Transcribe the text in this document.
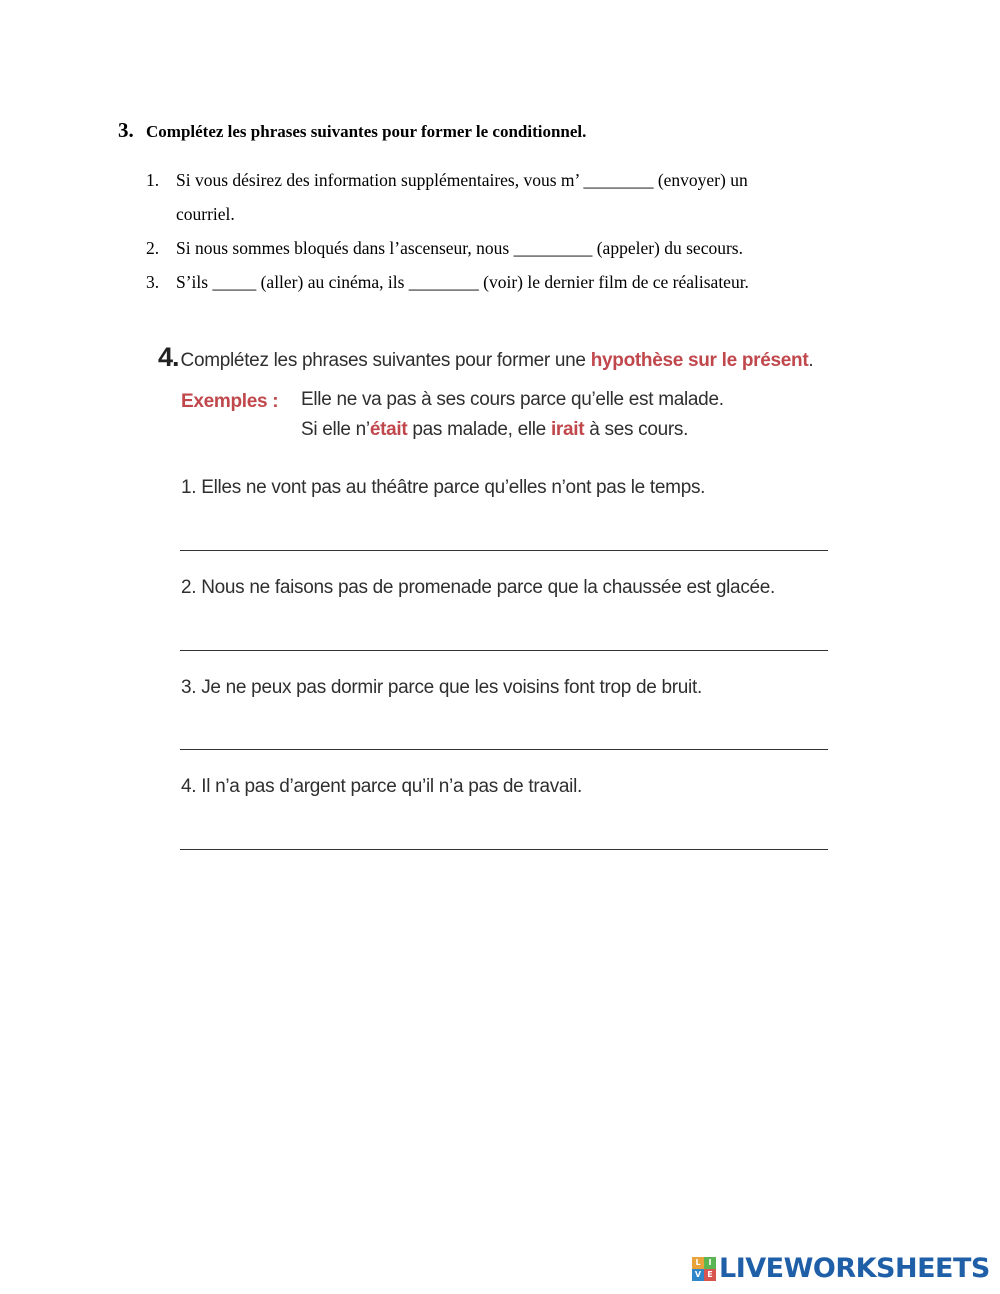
3. Complétez les phrases suivantes pour former le conditionnel.
1. Si vous désirez des information supplémentaires, vous m’ ________ (envoyer) un
courriel.
2. Si nous sommes bloqués dans l’ascenseur, nous _________ (appeler) du secours.
3. S’ils _____ (aller) au cinéma, ils ________ (voir) le dernier film de ce réalisateur.
4. Complétez les phrases suivantes pour former une hypothèse sur le présent.
Exemples :	Elle ne va pas à ses cours parce qu’elle est malade.
Si elle n’était pas malade, elle irait à ses cours.
1. Elles ne vont pas au théâtre parce qu’elles n’ont pas le temps.
2. Nous ne faisons pas de promenade parce que la chaussée est glacée.
3. Je ne peux pas dormir parce que les voisins font trop de bruit.
4. Il n’a pas d’argent parce qu’il n’a pas de travail.
L I
V E LIVEWORKSHEETS
